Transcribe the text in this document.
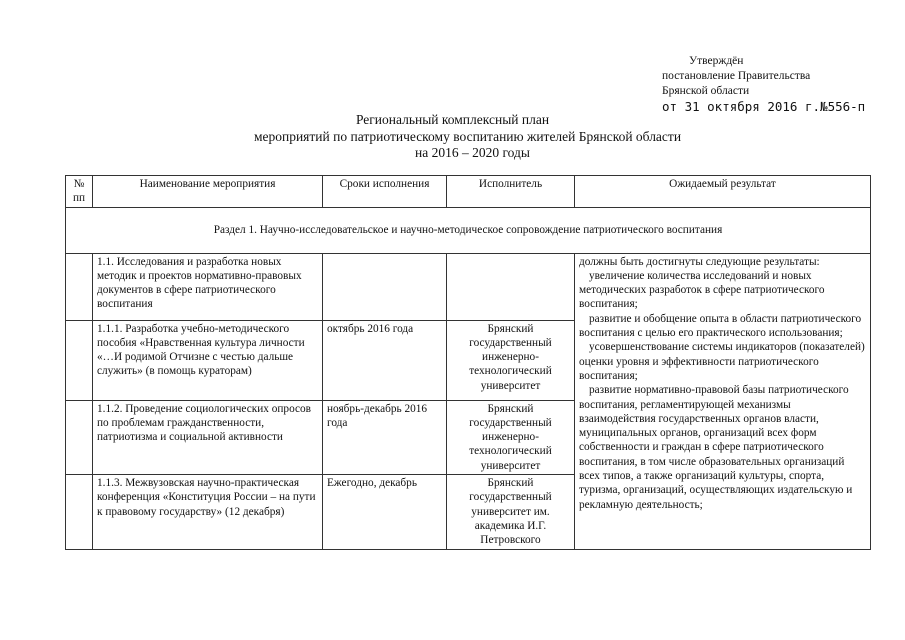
Утверждён
постановление Правительства
Брянской области
от 31 октября 2016 г.№556-п
Региональный комплексный план
мероприятий по патриотическому воспитанию жителей Брянской области
на 2016 – 2020 годы
№ пп	Наименование мероприятия	Сроки исполнения	Исполнитель	Ожидаемый результат
Раздел 1. Научно-исследовательское и научно-методическое сопровождение патриотического воспитания				
	1.1. Исследования и разработка новых методик и проектов нормативно-правовых документов в сфере патриотического воспитания			должны быть достигнуты следующие результаты:
увеличение количества исследований и новых методических разработок в сфере патриотического воспитания;
развитие и обобщение опыта в области патриотического воспитания с целью его практического использования;
усовершенствование системы индикаторов (показателей) оценки уровня и эффективности патриотического воспитания;
развитие нормативно-правовой базы патриотического воспитания, регламентирующей механизмы взаимодействия государственных органов власти, муниципальных органов, организаций всех форм собственности и граждан в сфере патриотического воспитания, в том числе образовательных организаций всех типов, а также организаций культуры, спорта, туризма, организаций, осуществляющих издательскую и рекламную деятельность;

	1.1.1. Разработка учебно-методического пособия «Нравственная культура личности «…И родимой Отчизне с честью дальше служить» (в помощь кураторам)	октябрь 2016 года	Брянский государственный инженерно-технологический университет	
	1.1.2. Проведение социологических опросов по проблемам гражданственности, патриотизма и социальной активности	ноябрь-декабрь 2016 года	Брянский государственный инженерно-технологический университет	
	1.1.3. Межвузовская научно-практическая конференция «Конституция России – на пути к правовому государству» (12 декабря)	Ежегодно, декабрь	Брянский государственный университет им. академика И.Г. Петровского	
